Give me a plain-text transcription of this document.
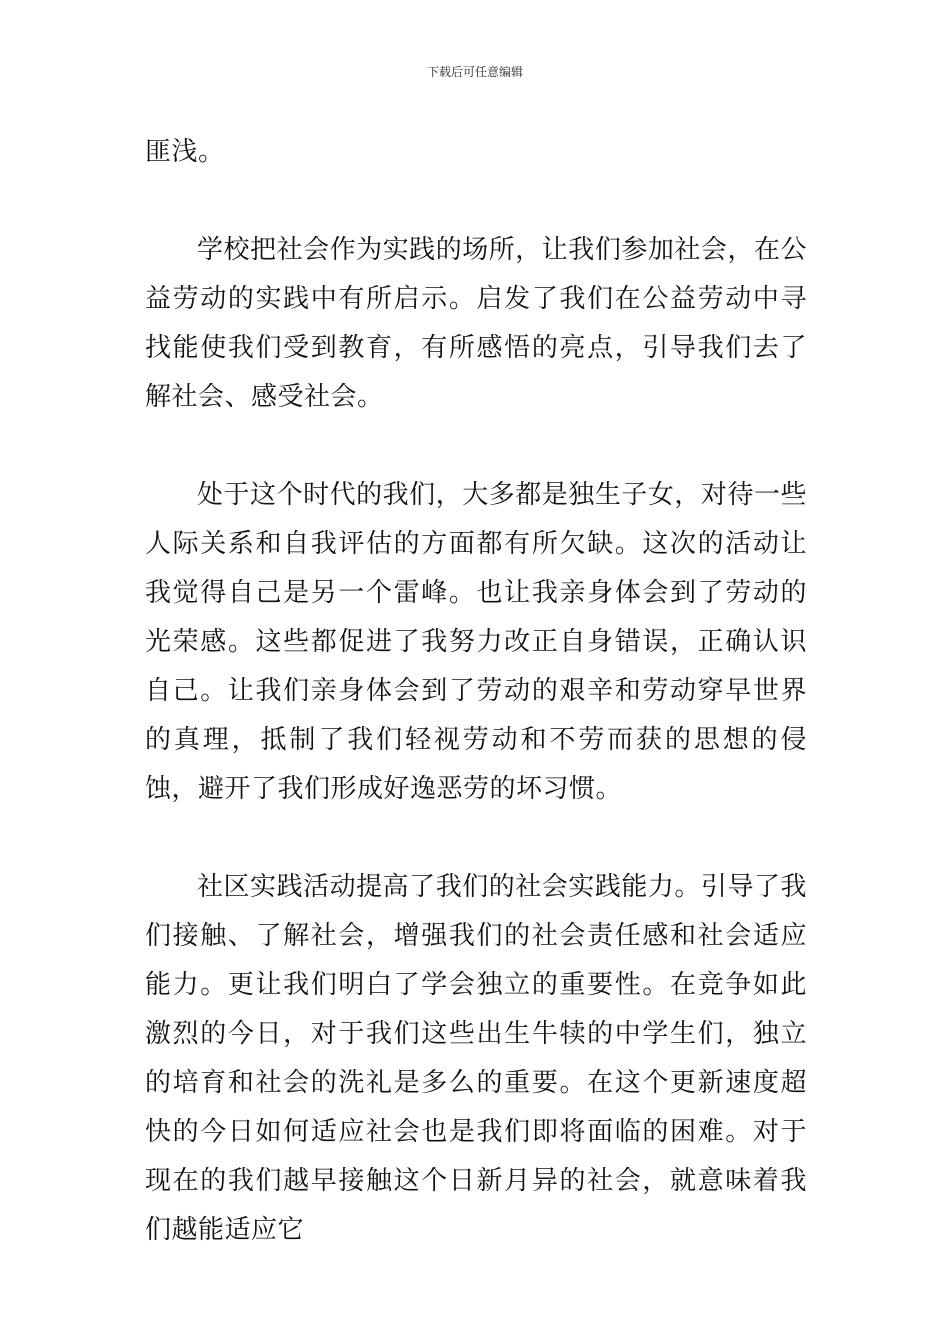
下载后可任意编辑

匪浅。

学校把社会作为实践的场所，让我们参加社会，在公益劳动的实践中有所启示。启发了我们在公益劳动中寻找能使我们受到教育，有所感悟的亮点，引导我们去了解社会、感受社会。

处于这个时代的我们，大多都是独生子女，对待一些人际关系和自我评估的方面都有所欠缺。这次的活动让我觉得自己是另一个雷峰。也让我亲身体会到了劳动的光荣感。这些都促进了我努力改正自身错误，正确认识自己。让我们亲身体会到了劳动的艰辛和劳动穿早世界的真理，抵制了我们轻视劳动和不劳而获的思想的侵蚀，避开了我们形成好逸恶劳的坏习惯。

社区实践活动提高了我们的社会实践能力。引导了我们接触、了解社会，增强我们的社会责任感和社会适应能力。更让我们明白了学会独立的重要性。在竞争如此激烈的今日，对于我们这些出生牛犊的中学生们，独立的培育和社会的洗礼是多么的重要。在这个更新速度超快的今日如何适应社会也是我们即将面临的困难。对于现在的我们越早接触这个日新月异的社会，就意味着我们越能适应它
